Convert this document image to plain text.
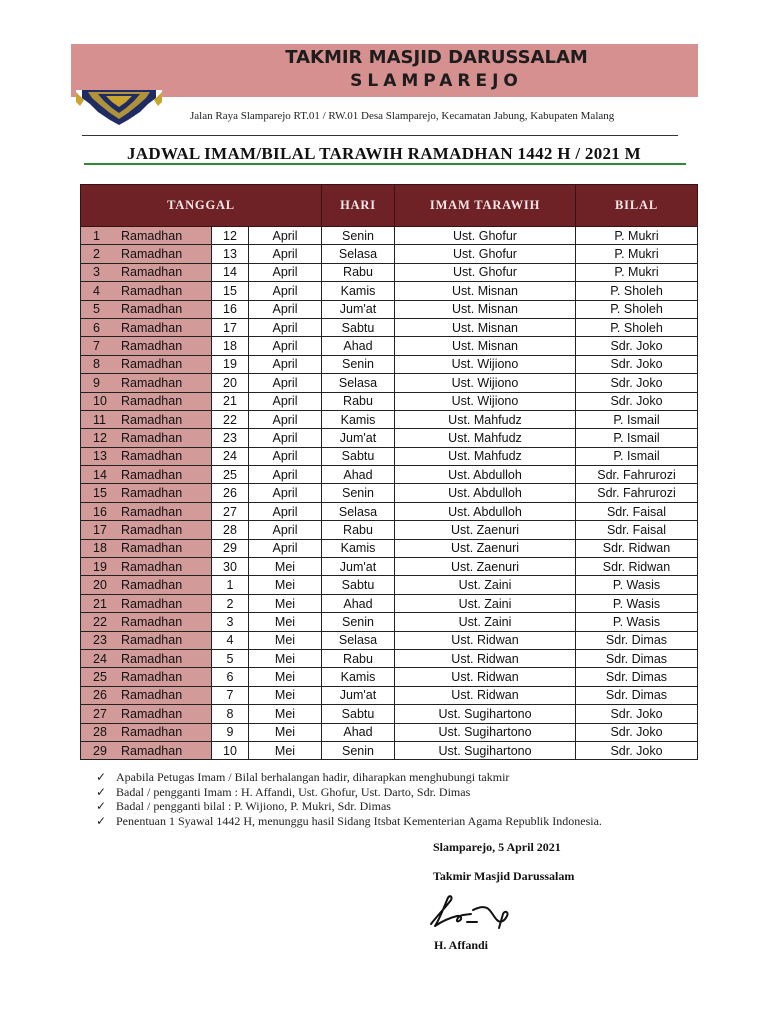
TAKMIR MASJID DARUSSALAM
SLAMPAREJO
Jalan Raya Slamparejo RT.01 / RW.01 Desa Slamparejo, Kecamatan Jabung, Kabupaten Malang
JADWAL IMAM/BILAL TARAWIH RAMADHAN 1442 H / 2021 M
TANGGAL				HARI	IMAM TARAWIH	BILAL
1	Ramadhan	12	April	Senin	Ust. Ghofur	P. Mukri
2	Ramadhan	13	April	Selasa	Ust. Ghofur	P. Mukri
3	Ramadhan	14	April	Rabu	Ust. Ghofur	P. Mukri
4	Ramadhan	15	April	Kamis	Ust. Misnan	P. Sholeh
5	Ramadhan	16	April	Jum'at	Ust. Misnan	P. Sholeh
6	Ramadhan	17	April	Sabtu	Ust. Misnan	P. Sholeh
7	Ramadhan	18	April	Ahad	Ust. Misnan	Sdr. Joko
8	Ramadhan	19	April	Senin	Ust. Wijiono	Sdr. Joko
9	Ramadhan	20	April	Selasa	Ust. Wijiono	Sdr. Joko
10	Ramadhan	21	April	Rabu	Ust. Wijiono	Sdr. Joko
11	Ramadhan	22	April	Kamis	Ust. Mahfudz	P. Ismail
12	Ramadhan	23	April	Jum'at	Ust. Mahfudz	P. Ismail
13	Ramadhan	24	April	Sabtu	Ust. Mahfudz	P. Ismail
14	Ramadhan	25	April	Ahad	Ust. Abdulloh	Sdr. Fahrurozi
15	Ramadhan	26	April	Senin	Ust. Abdulloh	Sdr. Fahrurozi
16	Ramadhan	27	April	Selasa	Ust. Abdulloh	Sdr. Faisal
17	Ramadhan	28	April	Rabu	Ust. Zaenuri	Sdr. Faisal
18	Ramadhan	29	April	Kamis	Ust. Zaenuri	Sdr. Ridwan
19	Ramadhan	30	Mei	Jum'at	Ust. Zaenuri	Sdr. Ridwan
20	Ramadhan	1	Mei	Sabtu	Ust. Zaini	P. Wasis
21	Ramadhan	2	Mei	Ahad	Ust. Zaini	P. Wasis
22	Ramadhan	3	Mei	Senin	Ust. Zaini	P. Wasis
23	Ramadhan	4	Mei	Selasa	Ust. Ridwan	Sdr. Dimas
24	Ramadhan	5	Mei	Rabu	Ust. Ridwan	Sdr. Dimas
25	Ramadhan	6	Mei	Kamis	Ust. Ridwan	Sdr. Dimas
26	Ramadhan	7	Mei	Jum'at	Ust. Ridwan	Sdr. Dimas
27	Ramadhan	8	Mei	Sabtu	Ust. Sugihartono	Sdr. Joko
28	Ramadhan	9	Mei	Ahad	Ust. Sugihartono	Sdr. Joko
29	Ramadhan	10	Mei	Senin	Ust. Sugihartono	Sdr. Joko
✓ Apabila Petugas Imam / Bilal berhalangan hadir, diharapkan menghubungi takmir
✓ Badal / pengganti Imam : H. Affandi, Ust. Ghofur, Ust. Darto, Sdr. Dimas
✓ Badal / pengganti bilal : P. Wijiono, P. Mukri, Sdr. Dimas
✓ Penentuan 1 Syawal 1442 H, menunggu hasil Sidang Itsbat Kementerian Agama Republik Indonesia.
Slamparejo, 5 April 2021
Takmir Masjid Darussalam
H. Affandi
